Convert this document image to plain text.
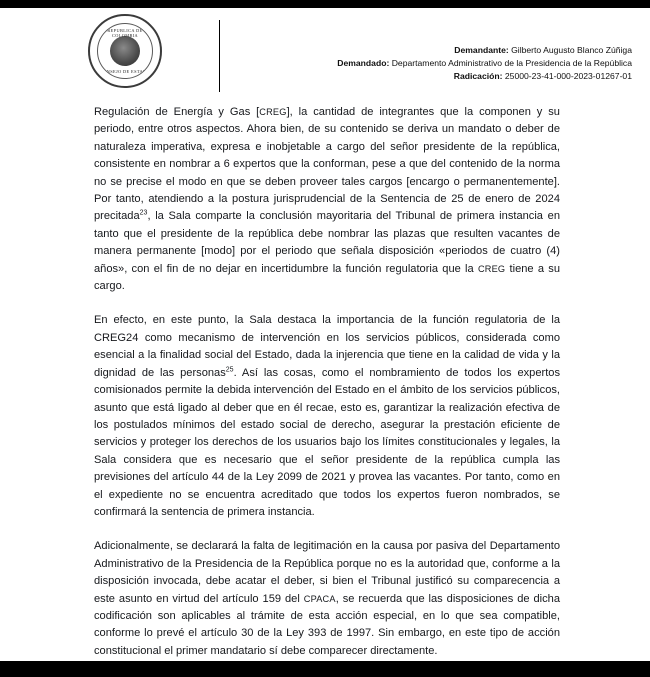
REPUBLICA DE COLOMBIA
CONSEJO DE ESTADO
Demandante: Gilberto Augusto Blanco Zúñiga
Demandado: Departamento Administrativo de la Presidencia de la República
Radicación: 25000-23-41-000-2023-01267-01

Regulación de Energía y Gas [CREG], la cantidad de integrantes que la componen y su periodo, entre otros aspectos. Ahora bien, de su contenido se deriva un mandato o deber de naturaleza imperativa, expresa e inobjetable a cargo del señor presidente de la república, consistente en nombrar a 6 expertos que la conforman, pese a que del contenido de la norma no se precise el modo en que se deben proveer tales cargos [encargo o permanentemente]. Por tanto, atendiendo a la postura jurisprudencial de la Sentencia de 25 de enero de 2024 precitada$^{23}$, la Sala comparte la conclusión mayoritaria del Tribunal de primera instancia en tanto que el presidente de la república debe nombrar las plazas que resulten vacantes de manera permanente [modo] por el periodo que señala disposición «periodos de cuatro (4) años», con el fin de no dejar en incertidumbre la función regulatoria que la CREG tiene a su cargo.

En efecto, en este punto, la Sala destaca la importancia de la función regulatoria de la CREG24 como mecanismo de intervención en los servicios públicos, considerada como esencial a la finalidad social del Estado, dada la injerencia que tiene en la calidad de vida y la dignidad de las personas$^{25}$. Así las cosas, como el nombramiento de todos los expertos comisionados permite la debida intervención del Estado en el ámbito de los servicios públicos, asunto que está ligado al deber que en él recae, esto es, garantizar la realización efectiva de los postulados mínimos del estado social de derecho, asegurar la prestación eficiente de servicios y proteger los derechos de los usuarios bajo los límites constitucionales y legales, la Sala considera que es necesario que el señor presidente de la república cumpla las previsiones del artículo 44 de la Ley 2099 de 2021 y provea las vacantes. Por tanto, como en el expediente no se encuentra acreditado que todos los expertos fueron nombrados, se confirmará la sentencia de primera instancia.

Adicionalmente, se declarará la falta de legitimación en la causa por pasiva del Departamento Administrativo de la Presidencia de la República porque no es la autoridad que, conforme a la disposición invocada, debe acatar el deber, si bien el Tribunal justificó su comparecencia a este asunto en virtud del artículo 159 del CPACA, se recuerda que las disposiciones de dicha codificación son aplicables al trámite de esta acción especial, en lo que sea compatible, conforme lo prevé el artículo 30 de la Ley 393 de 1997. Sin embargo, en este tipo de acción constitucional el primer mandatario sí debe comparecer directamente.
